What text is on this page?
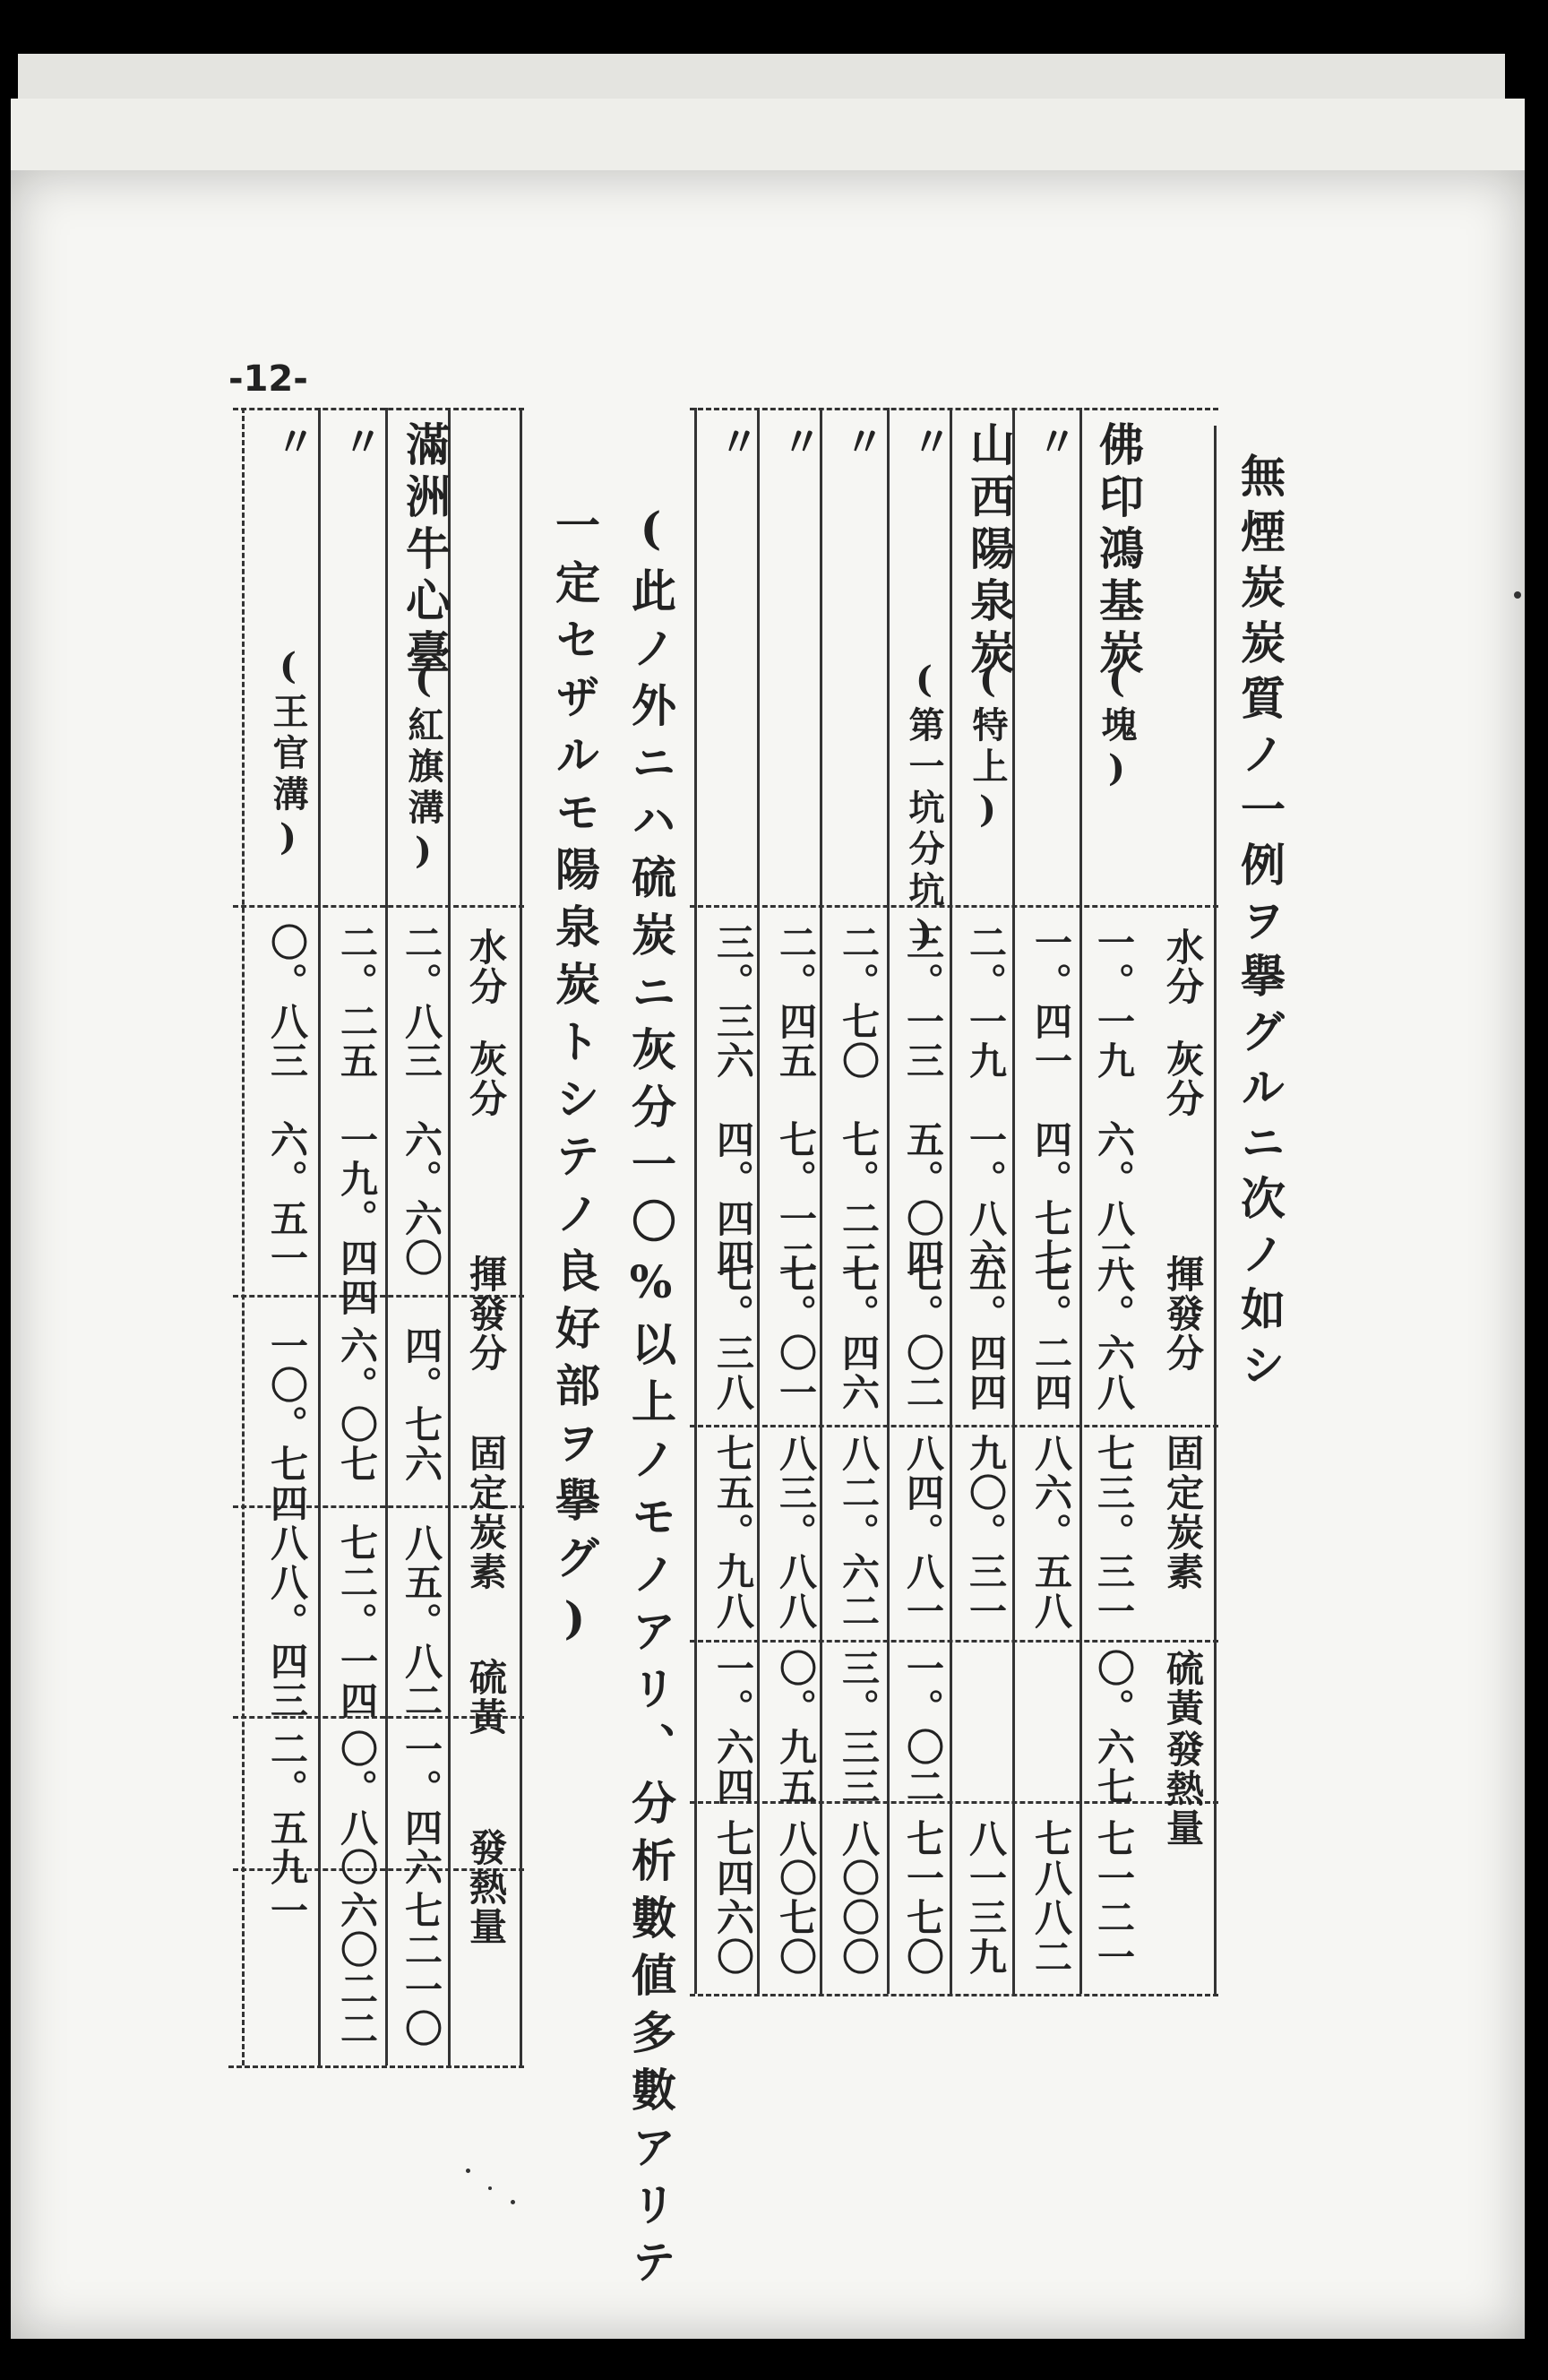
-12-
無煙炭炭質ノ一例ヲ擧グルニ次ノ如シ
(此ノ外ニハ硫炭ニ灰分一〇%以上ノモノアリ、分析數値多數アリテ
一定セザルモ陽泉炭トシテノ良好部ヲ擧グ)	水分
灰分
揮發分
固定炭素
硫黃
發熱量
佛印鴻基炭
(塊)
一。一九
六。八二
八。六八
七三。三一
〇。六七
七一二一
〃
一。四一
四。七七
七。二四
八六。五八
七八八二
山西陽泉炭
(特上)
二。一九
一。八六
五。四四
九〇。三一
八一三九
〃
(第一坑分坑)
三。一三
五。〇四
七。〇二
八四。八一
一。〇二
七一七〇
〃
二。七〇
七。二二
七。四六
八二。六二
三。三三
八〇〇〇
〃
二。四五
七。一二
七。〇一
八三。八八
〇。九五
八〇七〇
〃
三。三六
四。四四
七。三八
七五。九八
一。六四
七四六〇
水分
灰分
揮發分
固定炭素
硫黃
發熱量
滿洲牛心臺
(紅旗溝)
二。八三
六。六〇
四。七六
八五。八二
一。四六
七二一〇
〃
二。二五
一九。四四
六。〇七
七二。一四
〇。八〇
六〇二二
〃
(王官溝)
〇。八三
六。五一
一〇。七四
八八。四三
二。五九
一
